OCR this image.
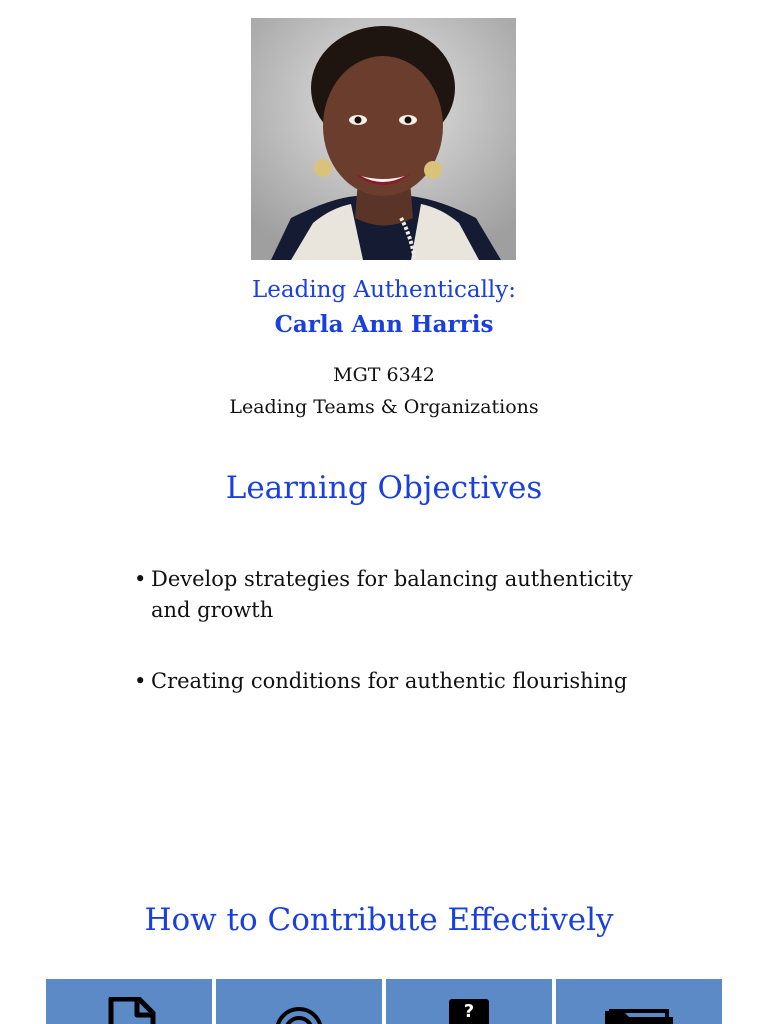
Leading Authentically:
Carla Ann Harris
MGT 6342
Leading Teams & Organizations
Learning Objectives
• Develop strategies for balancing authenticity and growth
• Creating conditions for authentic flourishing
How to Contribute Effectively
?
